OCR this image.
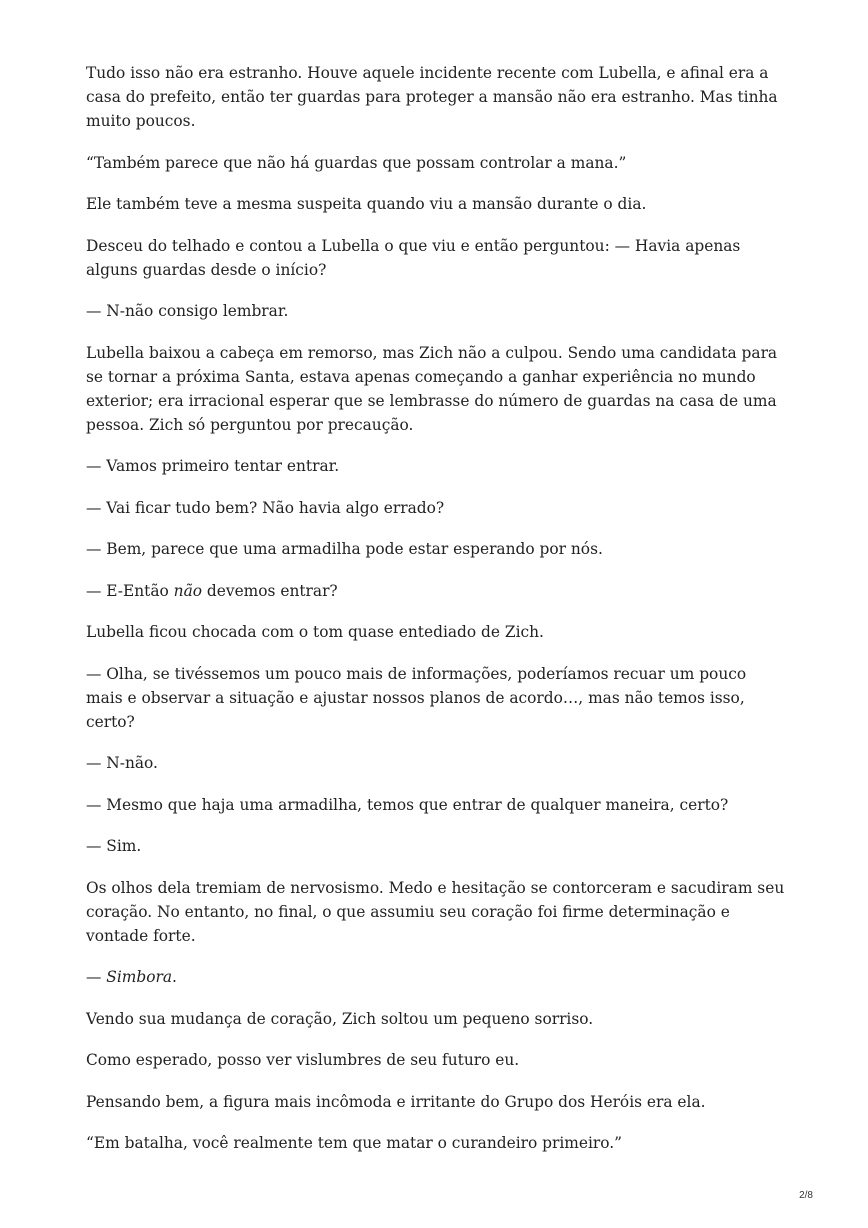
Tudo isso não era estranho. Houve aquele incidente recente com Lubella, e afinal era a casa do prefeito, então ter guardas para proteger a mansão não era estranho. Mas tinha muito poucos.

“Também parece que não há guardas que possam controlar a mana.”

Ele também teve a mesma suspeita quando viu a mansão durante o dia.

Desceu do telhado e contou a Lubella o que viu e então perguntou: — Havia apenas alguns guardas desde o início?

— N-não consigo lembrar.

Lubella baixou a cabeça em remorso, mas Zich não a culpou. Sendo uma candidata para se tornar a próxima Santa, estava apenas começando a ganhar experiência no mundo exterior; era irracional esperar que se lembrasse do número de guardas na casa de uma pessoa. Zich só perguntou por precaução.

— Vamos primeiro tentar entrar.

— Vai ficar tudo bem? Não havia algo errado?

— Bem, parece que uma armadilha pode estar esperando por nós.

— E-Então não devemos entrar?

Lubella ficou chocada com o tom quase entediado de Zich.

— Olha, se tivéssemos um pouco mais de informações, poderíamos recuar um pouco mais e observar a situação e ajustar nossos planos de acordo…, mas não temos isso, certo?

— N-não.

— Mesmo que haja uma armadilha, temos que entrar de qualquer maneira, certo?

— Sim.

Os olhos dela tremiam de nervosismo. Medo e hesitação se contorceram e sacudiram seu coração. No entanto, no final, o que assumiu seu coração foi firme determinação e vontade forte.

— Simbora.

Vendo sua mudança de coração, Zich soltou um pequeno sorriso.

Como esperado, posso ver vislumbres de seu futuro eu.

Pensando bem, a figura mais incômoda e irritante do Grupo dos Heróis era ela.

“Em batalha, você realmente tem que matar o curandeiro primeiro.”

2/8
